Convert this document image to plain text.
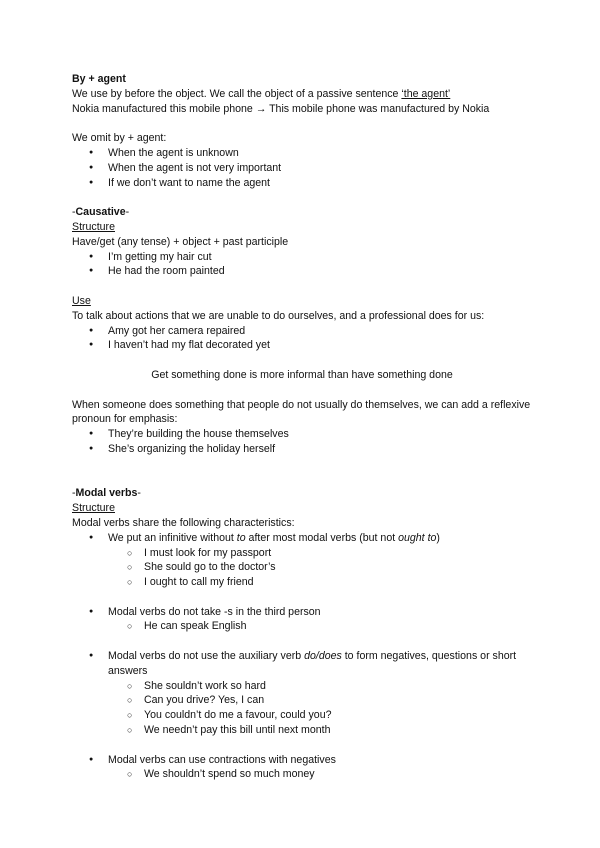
By + agent

We use by before the object. We call the object of a passive sentence ‘the agent’

Nokia manufactured this mobile phone → This mobile phone was manufactured by Nokia

We omit by + agent:

● When the agent is unknown
● When the agent is not very important
● If we don’t want to name the agent

-Causative-

Structure

Have/get (any tense) + object + past participle

● I’m getting my hair cut
● He had the room painted

Use

To talk about actions that we are unable to do ourselves, and a professional does for us:

● Amy got her camera repaired
● I haven’t had my flat decorated yet

Get something done is more informal than have something done

When someone does something that people do not usually do themselves, we can add a reflexive pronoun for emphasis:

● They’re building the house themselves
● She’s organizing the holiday herself

-Modal verbs-

Structure

Modal verbs share the following characteristics:

● We put an infinitive without to after most modal verbs (but not ought to)
○ I must look for my passport
○ She sould go to the doctor’s
○ I ought to call my friend
● Modal verbs do not take -s in the third person
○ He can speak English
● Modal verbs do not use the auxiliary verb do/does to form negatives, questions or short answers
○ She souldn’t work so hard
○ Can you drive? Yes, I can
○ You couldn’t do me a favour, could you?
○ We needn’t pay this bill until next month
● Modal verbs can use contractions with negatives
○ We shouldn’t spend so much money
